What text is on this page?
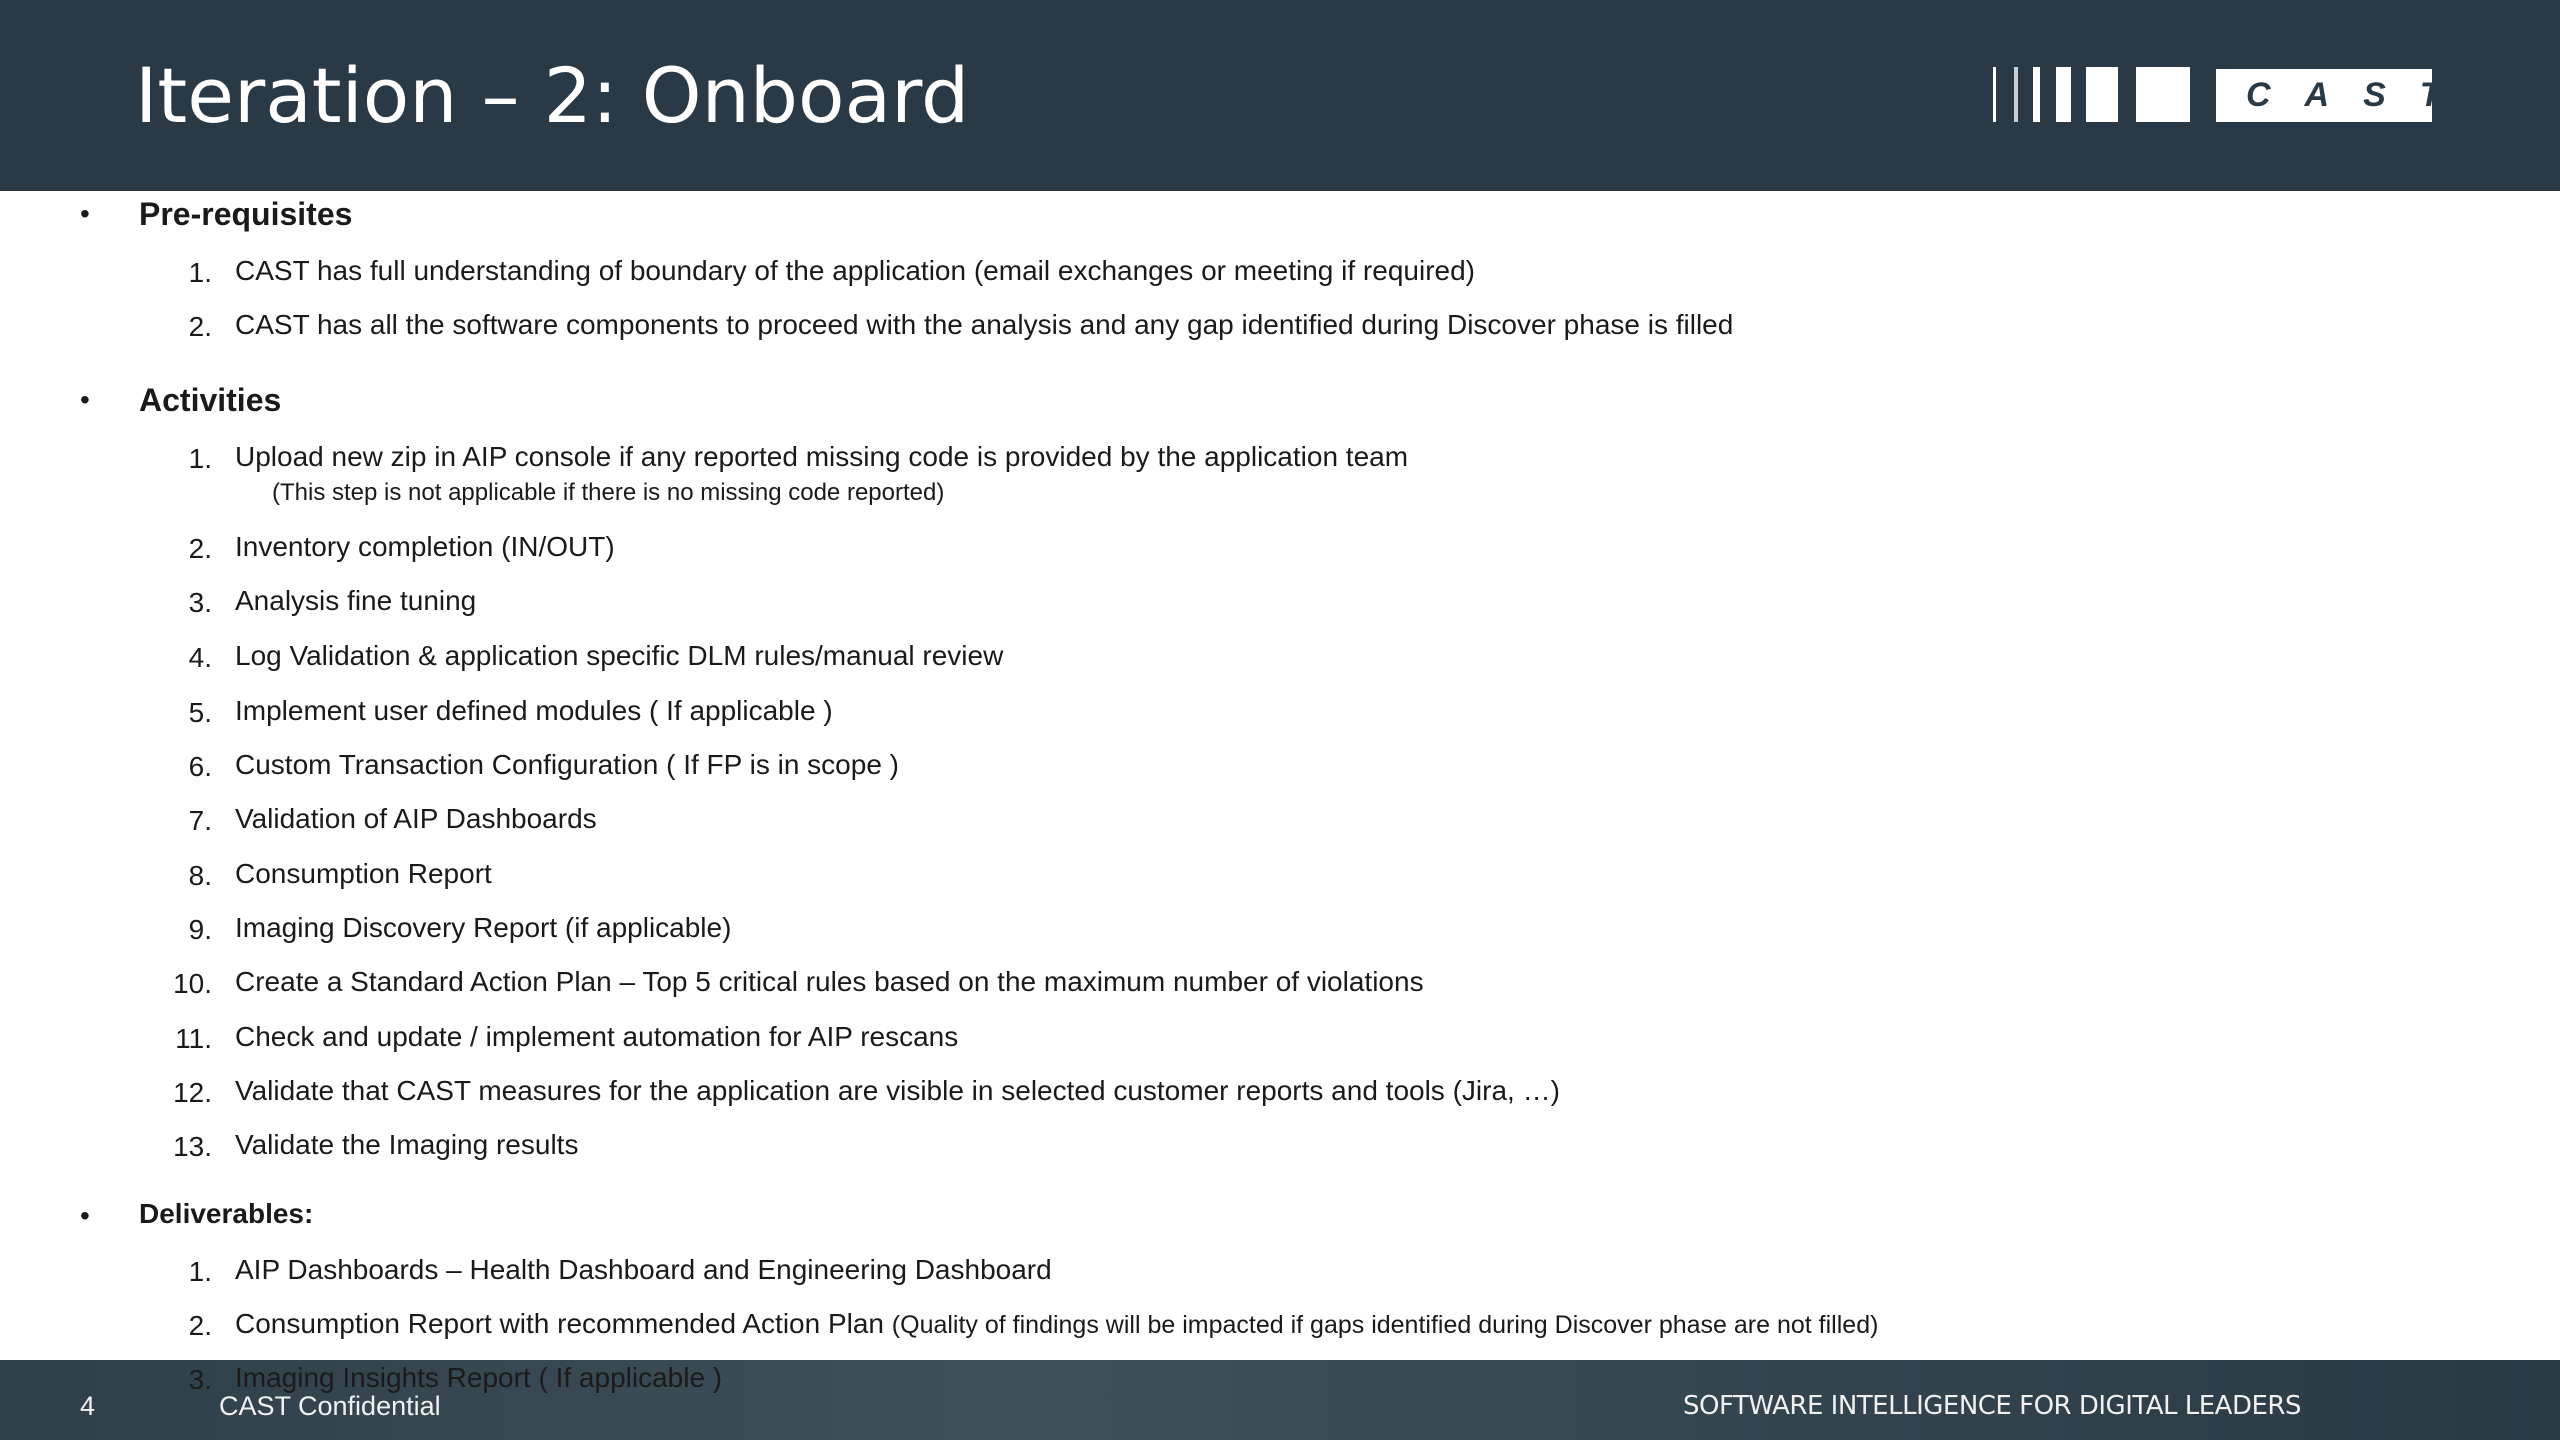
Iteration – 2: Onboard	CAST
• Pre-requisites
1. CAST has full understanding of boundary of the application (email exchanges or meeting if required)
2. CAST has all the software components to proceed with the analysis and any gap identified during Discover phase is filled
• Activities
1. Upload new zip in AIP console if any reported missing code is provided by the application team
(This step is not applicable if there is no missing code reported)
2. Inventory completion (IN/OUT)
3. Analysis fine tuning
4. Log Validation & application specific DLM rules/manual review
5. Implement user defined modules ( If applicable )
6. Custom Transaction Configuration ( If FP is in scope )
7. Validation of AIP Dashboards
8. Consumption Report
9. Imaging Discovery Report (if applicable)
10. Create a Standard Action Plan – Top 5 critical rules based on the maximum number of violations
11. Check and update / implement automation for AIP rescans
12. Validate that CAST measures for the application are visible in selected customer reports and tools (Jira, …)
13. Validate the Imaging results
• Deliverables:
1. AIP Dashboards – Health Dashboard and Engineering Dashboard
2. Consumption Report with recommended Action Plan (Quality of findings will be impacted if gaps identified during Discover phase are not filled)
3. Imaging Insights Report ( If applicable )
4	CAST Confidential	SOFTWARE INTELLIGENCE FOR DIGITAL LEADERS
